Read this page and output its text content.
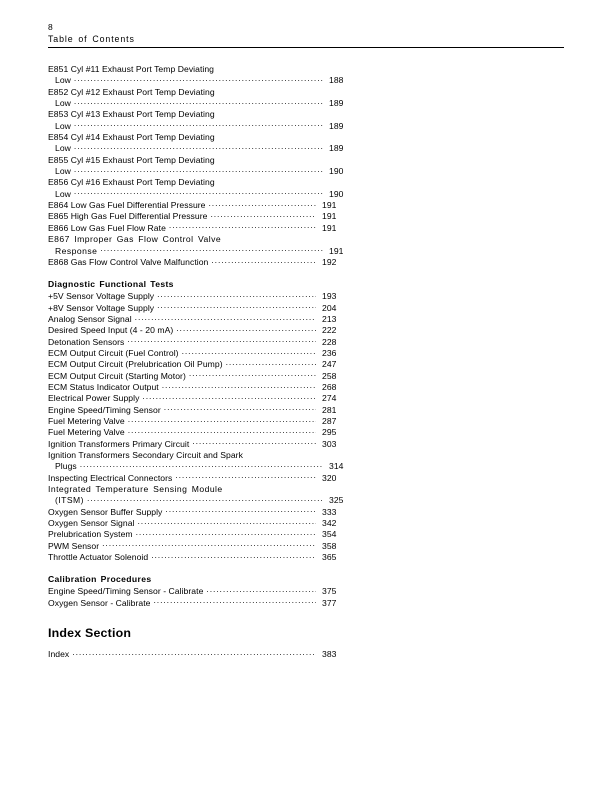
8
Table of Contents
E851 Cyl #11 Exhaust Port Temp Deviating
Low .....	188
E852 Cyl #12 Exhaust Port Temp Deviating
Low .....	189
E853 Cyl #13 Exhaust Port Temp Deviating
Low .....	189
E854 Cyl #14 Exhaust Port Temp Deviating
Low .....	189
E855 Cyl #15 Exhaust Port Temp Deviating
Low .....	190
E856 Cyl #16 Exhaust Port Temp Deviating
Low .....	190
E864 Low Gas Fuel Differential Pressure .....	191
E865 High Gas Fuel Differential Pressure .....	191
E866 Low Gas Fuel Flow Rate .....	191
E867 Improper Gas Flow Control Valve
Response .....	191
E868 Gas Flow Control Valve Malfunction .....	192
Diagnostic Functional Tests
+5V Sensor Voltage Supply .....	193
+8V Sensor Voltage Supply .....	204
Analog Sensor Signal .....	213
Desired Speed Input (4 - 20 mA) .....	222
Detonation Sensors .....	228
ECM Output Circuit (Fuel Control) .....	236
ECM Output Circuit (Prelubrication Oil Pump) .....	247
ECM Output Circuit (Starting Motor) .....	258
ECM Status Indicator Output .....	268
Electrical Power Supply .....	274
Engine Speed/Timing Sensor .....	281
Fuel Metering Valve .....	287
Fuel Metering Valve .....	295
Ignition Transformers Primary Circuit .....	303
Ignition Transformers Secondary Circuit and Spark
Plugs .....	314
Inspecting Electrical Connectors .....	320
Integrated Temperature Sensing Module
(ITSM) .....	325
Oxygen Sensor Buffer Supply .....	333
Oxygen Sensor Signal .....	342
Prelubrication System .....	354
PWM Sensor .....	358
Throttle Actuator Solenoid .....	365
Calibration Procedures
Engine Speed/Timing Sensor - Calibrate .....	375
Oxygen Sensor - Calibrate .....	377
Index Section
Index .....	383
